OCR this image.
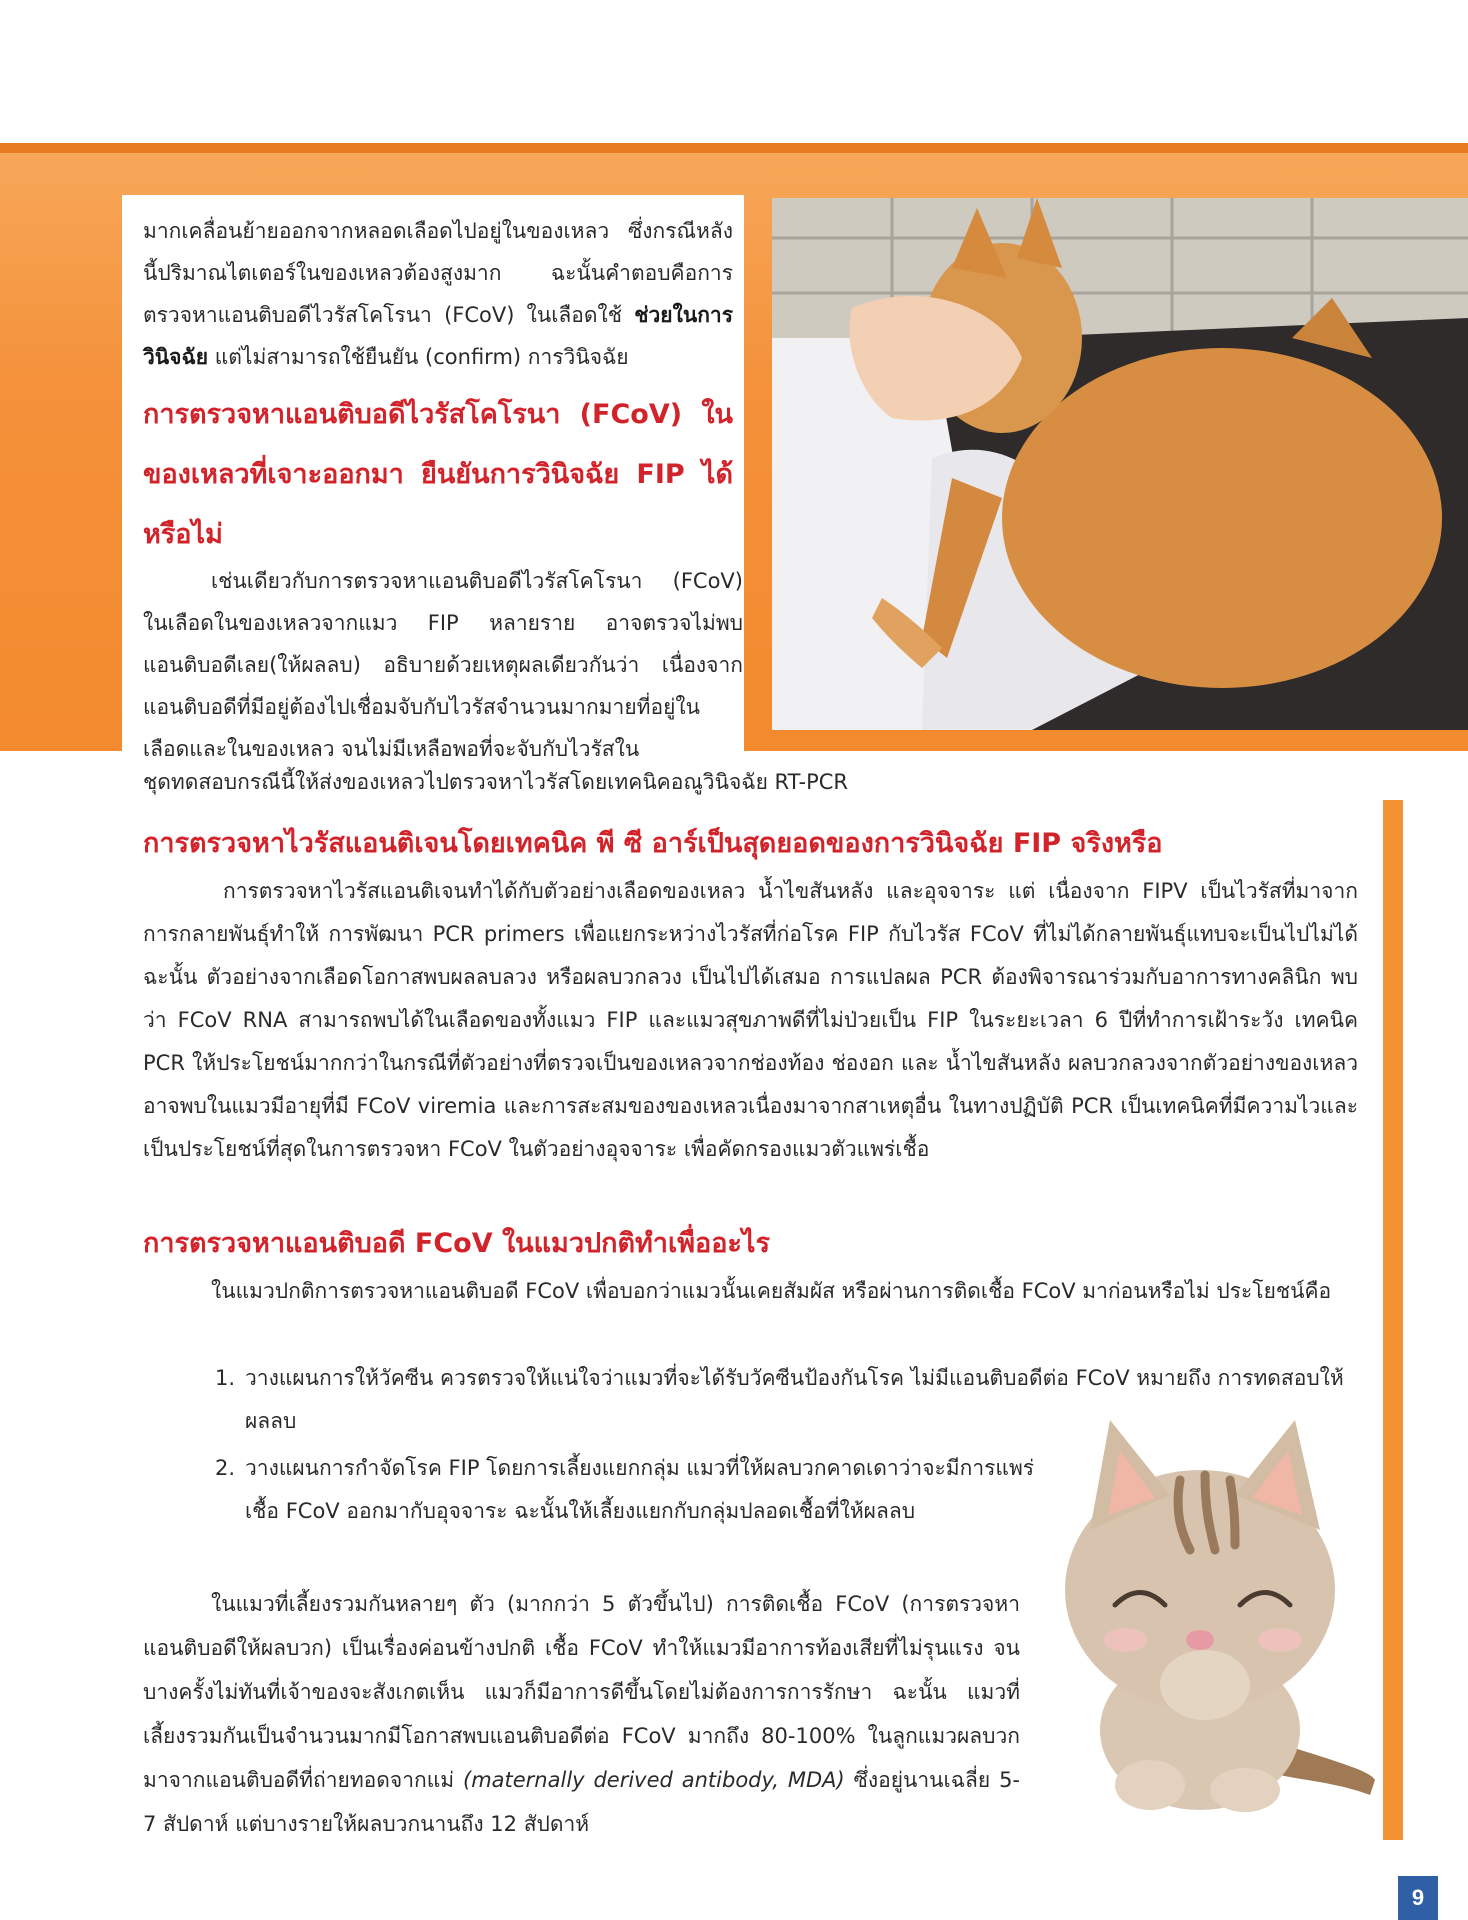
มากเคลื่อนย้ายออกจากหลอดเลือดไปอยู่ในของเหลว ซึ่งกรณีหลังนี้ปริมาณไตเตอร์ในของเหลวต้องสูงมาก ฉะนั้นคำตอบคือการตรวจหาแอนติบอดีไวรัสโคโรนา (FCoV) ในเลือดใช้ ช่วยในการวินิจฉัย แต่ไม่สามารถใช้ยืนยัน (confirm) การวินิจฉัย

การตรวจหาแอนติบอดีไวรัสโคโรนา (FCoV) ในของเหลวที่เจาะออกมา ยืนยันการวินิจฉัย FIP ได้หรือไม่

เช่นเดียวกับการตรวจหาแอนติบอดีไวรัสโคโรนา (FCoV) ในเลือดในของเหลวจากแมว FIP หลายราย อาจตรวจไม่พบแอนติบอดีเลย(ให้ผลลบ) อธิบายด้วยเหตุผลเดียวกันว่า เนื่องจากแอนติบอดีที่มีอยู่ต้องไปเชื่อมจับกับไวรัสจำนวนมากมายที่อยู่ในเลือดและในของเหลว จนไม่มีเหลือพอที่จะจับกับไวรัสใน

ชุดทดสอบกรณีนี้ให้ส่งของเหลวไปตรวจหาไวรัสโดยเทคนิคอณูวินิจฉัย RT-PCR

การตรวจหาไวรัสแอนติเจนโดยเทคนิค พี ซี อาร์เป็นสุดยอดของการวินิจฉัย FIP จริงหรือ

การตรวจหาไวรัสแอนติเจนทำได้กับตัวอย่างเลือดของเหลว น้ำไขสันหลัง และอุจจาระ แต่ เนื่องจาก FIPV เป็นไวรัสที่มาจากการกลายพันธุ์ทำให้ การพัฒนา PCR primers เพื่อแยกระหว่างไวรัสที่ก่อโรค FIP กับไวรัส FCoV ที่ไม่ได้กลายพันธุ์แทบจะเป็นไปไม่ได้ ฉะนั้น ตัวอย่างจากเลือดโอกาสพบผลลบลวง หรือผลบวกลวง เป็นไปได้เสมอ การแปลผล PCR ต้องพิจารณาร่วมกับอาการทางคลินิก พบว่า FCoV RNA สามารถพบได้ในเลือดของทั้งแมว FIP และแมวสุขภาพดีที่ไม่ป่วยเป็น FIP ในระยะเวลา 6 ปีที่ทำการเฝ้าระวัง เทคนิค PCR ให้ประโยชน์มากกว่าในกรณีที่ตัวอย่างที่ตรวจเป็นของเหลวจากช่องท้อง ช่องอก และ น้ำไขสันหลัง ผลบวกลวงจากตัวอย่างของเหลวอาจพบในแมวมีอายุที่มี FCoV viremia และการสะสมของของเหลวเนื่องมาจากสาเหตุอื่น ในทางปฏิบัติ PCR เป็นเทคนิคที่มีความไวและเป็นประโยชน์ที่สุดในการตรวจหา FCoV ในตัวอย่างอุจจาระ เพื่อคัดกรองแมวตัวแพร่เชื้อ

การตรวจหาแอนติบอดี FCoV ในแมวปกติทำเพื่ออะไร

ในแมวปกติการตรวจหาแอนติบอดี FCoV เพื่อบอกว่าแมวนั้นเคยสัมผัส หรือผ่านการติดเชื้อ FCoV มาก่อนหรือไม่ ประโยชน์คือ

1. วางแผนการให้วัคซีน ควรตรวจให้แน่ใจว่าแมวที่จะได้รับวัคซีนป้องกันโรค ไม่มีแอนติบอดีต่อ FCoV หมายถึง การทดสอบให้ผลลบ
2. วางแผนการกำจัดโรค FIP โดยการเลี้ยงแยกกลุ่ม แมวที่ให้ผลบวกคาดเดาว่าจะมีการแพร่เชื้อ FCoV ออกมากับอุจจาระ ฉะนั้นให้เลี้ยงแยกกับกลุ่มปลอดเชื้อที่ให้ผลลบ

ในแมวที่เลี้ยงรวมกันหลายๆ ตัว (มากกว่า 5 ตัวขึ้นไป) การติดเชื้อ FCoV (การตรวจหาแอนติบอดีให้ผลบวก) เป็นเรื่องค่อนข้างปกติ เชื้อ FCoV ทำให้แมวมีอาการท้องเสียที่ไม่รุนแรง จนบางครั้งไม่ทันที่เจ้าของจะสังเกตเห็น แมวก็มีอาการดีขึ้นโดยไม่ต้องการการรักษา ฉะนั้น แมวที่เลี้ยงรวมกันเป็นจำนวนมากมีโอกาสพบแอนติบอดีต่อ FCoV มากถึง 80-100% ในลูกแมวผลบวกมาจากแอนติบอดีที่ถ่ายทอดจากแม่ (maternally derived antibody, MDA) ซึ่งอยู่นานเฉลี่ย 5-7 สัปดาห์ แต่บางรายให้ผลบวกนานถึง 12 สัปดาห์

9
